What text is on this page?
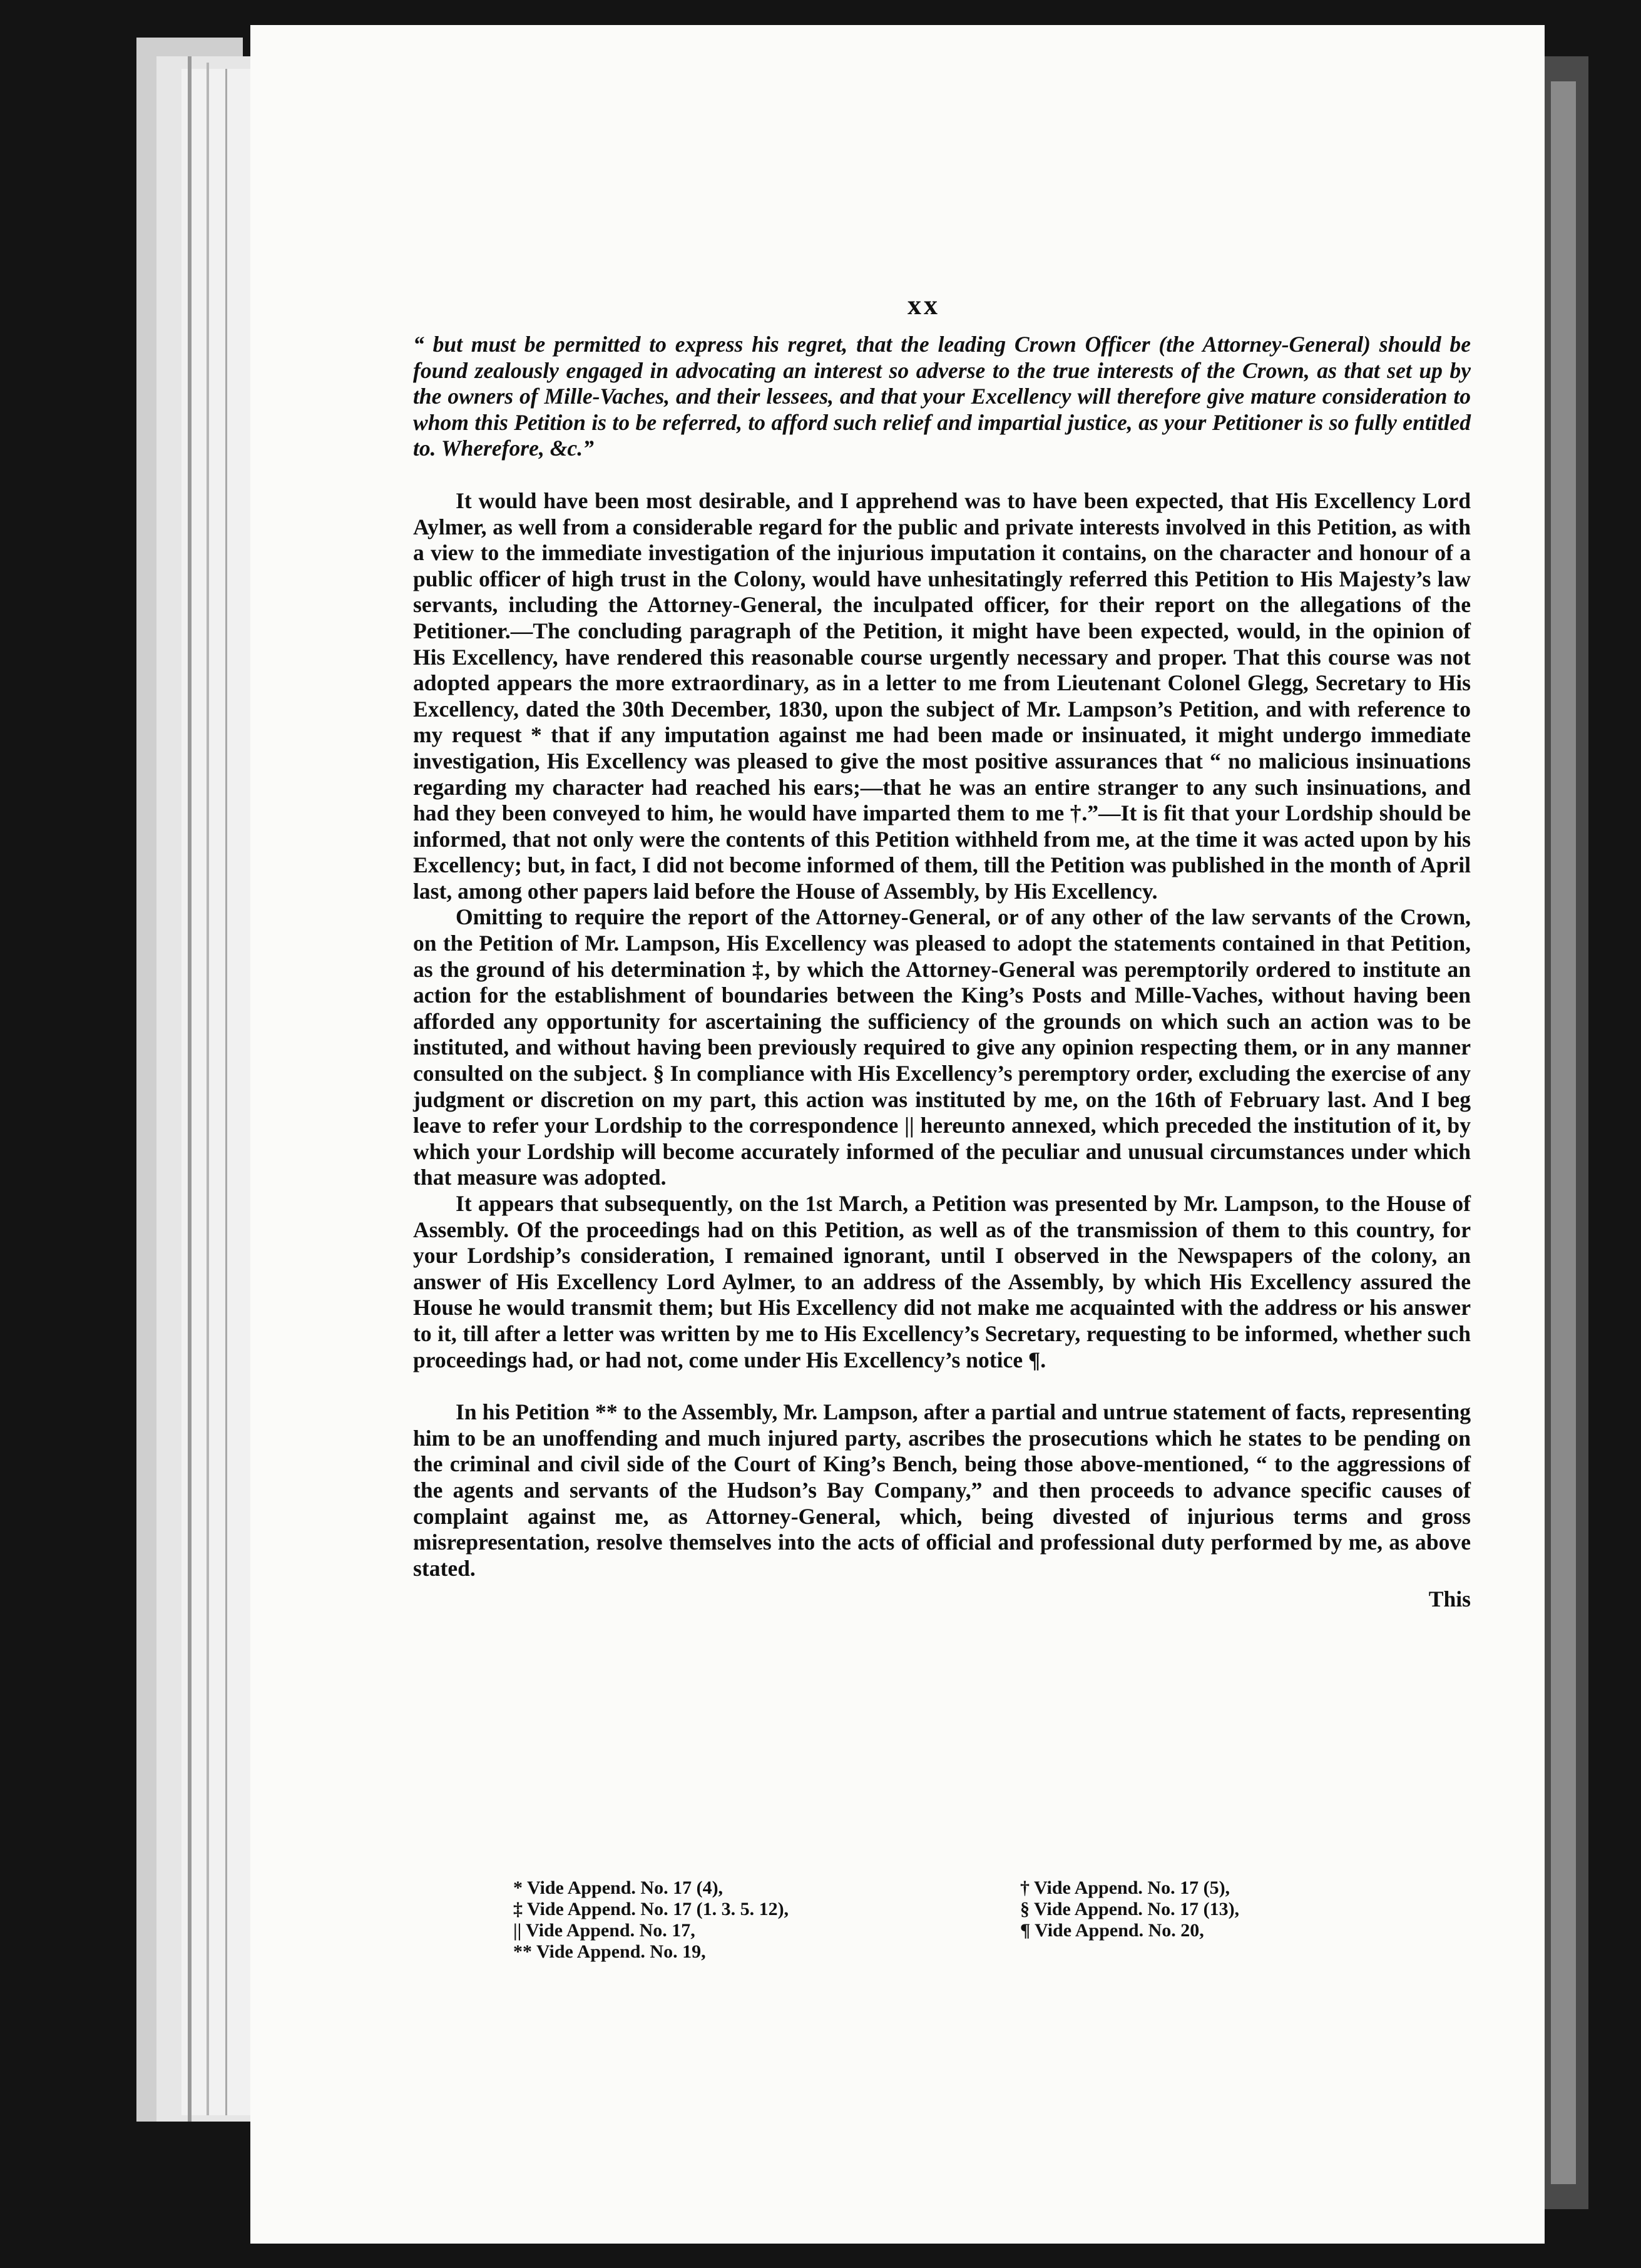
xx

“ but must be permitted to express his regret, that the leading Crown Officer (the Attorney-General) should be found zealously engaged in advocating an interest so adverse to the true interests of the Crown, as that set up by the owners of Mille-Vaches, and their lessees, and that your Excellency will therefore give mature consideration to whom this Petition is to be referred, to afford such relief and impartial justice, as your Petitioner is so fully entitled to. Wherefore, &c.”

It would have been most desirable, and I apprehend was to have been expected, that His Excellency Lord Aylmer, as well from a considerable regard for the public and private interests involved in this Petition, as with a view to the immediate investigation of the injurious imputation it contains, on the character and honour of a public officer of high trust in the Colony, would have unhesitatingly referred this Petition to His Majesty’s law servants, including the Attorney-General, the inculpated officer, for their report on the allegations of the Petitioner.—The concluding paragraph of the Petition, it might have been expected, would, in the opinion of His Excellency, have rendered this reasonable course urgently necessary and proper. That this course was not adopted appears the more extraordinary, as in a letter to me from Lieutenant Colonel Glegg, Secretary to His Excellency, dated the 30th December, 1830, upon the subject of Mr. Lampson’s Petition, and with reference to my request * that if any imputation against me had been made or insinuated, it might undergo immediate investigation, His Excellency was pleased to give the most positive assurances that “ no malicious insinuations regarding my character had reached his ears;—that he was an entire stranger to any such insinuations, and had they been conveyed to him, he would have imparted them to me †.”—It is fit that your Lordship should be informed, that not only were the contents of this Petition withheld from me, at the time it was acted upon by his Excellency; but, in fact, I did not become informed of them, till the Petition was published in the month of April last, among other papers laid before the House of Assembly, by His Excellency.

Omitting to require the report of the Attorney-General, or of any other of the law servants of the Crown, on the Petition of Mr. Lampson, His Excellency was pleased to adopt the statements contained in that Petition, as the ground of his determination ‡, by which the Attorney-General was peremptorily ordered to institute an action for the establishment of boundaries between the King’s Posts and Mille-Vaches, without having been afforded any opportunity for ascertaining the sufficiency of the grounds on which such an action was to be instituted, and without having been previously required to give any opinion respecting them, or in any manner consulted on the subject. § In compliance with His Excellency’s peremptory order, excluding the exercise of any judgment or discretion on my part, this action was instituted by me, on the 16th of February last. And I beg leave to refer your Lordship to the correspondence || hereunto annexed, which preceded the institution of it, by which your Lordship will become accurately informed of the peculiar and unusual circumstances under which that measure was adopted.

It appears that subsequently, on the 1st March, a Petition was presented by Mr. Lampson, to the House of Assembly. Of the proceedings had on this Petition, as well as of the transmission of them to this country, for your Lordship’s consideration, I remained ignorant, until I observed in the Newspapers of the colony, an answer of His Excellency Lord Aylmer, to an address of the Assembly, by which His Excellency assured the House he would transmit them; but His Excellency did not make me acquainted with the address or his answer to it, till after a letter was written by me to His Excellency’s Secretary, requesting to be informed, whether such proceedings had, or had not, come under His Excellency’s notice ¶.

In his Petition ** to the Assembly, Mr. Lampson, after a partial and untrue statement of facts, representing him to be an unoffending and much injured party, ascribes the prosecutions which he states to be pending on the criminal and civil side of the Court of King’s Bench, being those above-mentioned, “ to the aggressions of the agents and servants of the Hudson’s Bay Company,” and then proceeds to advance specific causes of complaint against me, as Attorney-General, which, being divested of injurious terms and gross misrepresentation, resolve themselves into the acts of official and professional duty performed by me, as above stated.

This
* Vide Append. No. 17 (4),
‡ Vide Append. No. 17 (1. 3. 5. 12),
|| Vide Append. No. 17,
** Vide Append. No. 19,
† Vide Append. No. 17 (5),
§ Vide Append. No. 17 (13),
¶ Vide Append. No. 20,
